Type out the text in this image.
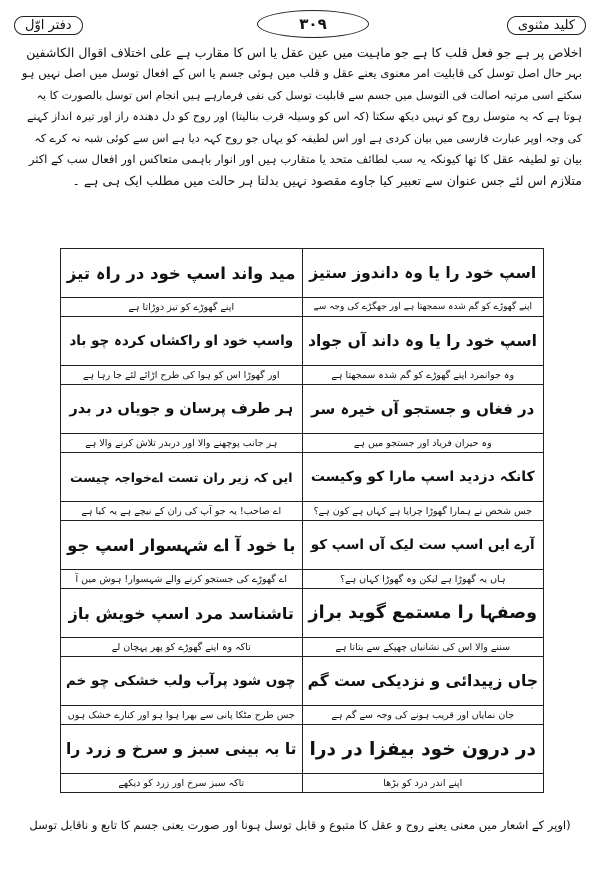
دفتر اوّل	۳۰۹	کلید مثنوی
اخلاص پر ہے جو فعل قلب کا ہے جو ماہیت میں عین عقل یا اس کا مقارب ہے علی اختلاف اقوال الکاشفین
بہر حال اصل توسل کی قابلیت امر معنوی یعنے عقل و قلب میں ہوئی جسم یا اس کے افعال توسل میں اصل نہیں ہو
سکتے اسی مرتبہ اصالت فی التوسل میں جسم سے قابلیت توسل کی نفی فرمارہے ہیں انجام اس توسل بالصورت کا یہ
ہوتا ہے کہ یہ متوسل روح کو نہیں دیکھ سکتا (کہ اس کو وسیلہ قرب بنالیتا) اور روح کو دل دھندہ راز اور تیرہ انداز کہنے
کی وجہ اوپر عبارت فارسی میں بیان کردی ہے اور اس لطیفہ کو یہاں جو روح کہہ دیا ہے اس سے کوئی شبہ نہ کرے کہ
بیان تو لطیفہ عقل کا تھا کیونکہ یہ سب لطائف متحد یا متقارب ہیں اور انوار باہمی متعاکس اور افعال سب کے اکثر
متلازم اس لئے جس عنوان سے تعبیر کیا جاوے مقصود نہیں بدلتا ہر حالت میں مطلب ایک ہی ہے ۔
اسپ خود را یا وہ داندوز ستیز	مید واند اسپ خود در راہ تیز
اپنے گھوڑے کو گم شدہ سمجھتا ہے اور جھگڑے کی وجہ سے	اپنے گھوڑے کو تیز دوڑاتا ہے
اسپ خود را یا وہ داند آں جواد	واسپ خود او راکشاں کردہ چو باد
وہ جوانمرد اپنے گھوڑے کو گم شدہ سمجھتا ہے	اور گھوڑا اس کو ہوا کی طرح اڑائے لئے جا رہا ہے
در فغاں و جستجو آں خیرہ سر	ہر طرف پرسان و جویاں در بدر
وہ حیران فریاد اور جستجو میں ہے	ہر جانب پوچھنے والا اور دربدر تلاش کرنے والا ہے
کانکہ دزدید اسپ مارا کو وکیست	ایں کہ زیر ران تست اےخواجہ چیست
جس شخص نے ہمارا گھوڑا چرایا ہے کہاں ہے کون ہے؟	اے صاحب! یہ جو آپ کی ران کے نیچے ہے یہ کیا ہے
آرے ایں اسپ ست لیک آں اسپ کو	با خود آ اے شہسوار اسپ جو
ہاں یہ گھوڑا ہے لیکن وہ گھوڑا کہاں ہے؟	اے گھوڑے کی جستجو کرنے والے شہسوار! ہوش میں آ
وصفہا را مستمع گوید براز	تاشناسد مرد اسپ خویش باز
سننے والا اس کی نشانیاں چھپکے سے بتاتا ہے	تاکہ وہ اپنے گھوڑے کو پھر پہچان لے
جاں زپیدائی و نزدیکی ست گم	چوں شود پرآب ولب خشکی چو خم
جان نمایاں اور قریب ہونے کی وجہ سے گم ہے	جس طرح مٹکا پانی سے بھرا ہوا ہو اور کنارے خشک ہوں
در درون خود بیفزا در درا	تا بہ بینی سبز و سرخ و زرد را
اپنے اندر درد کو بڑھا	تاکہ سبز سرخ اور زرد کو دیکھے
(اوپر کے اشعار میں معنی یعنے روح و عقل کا متبوع و قابل توسل ہونا اور صورت یعنی جسم کا تابع و ناقابل توسل
